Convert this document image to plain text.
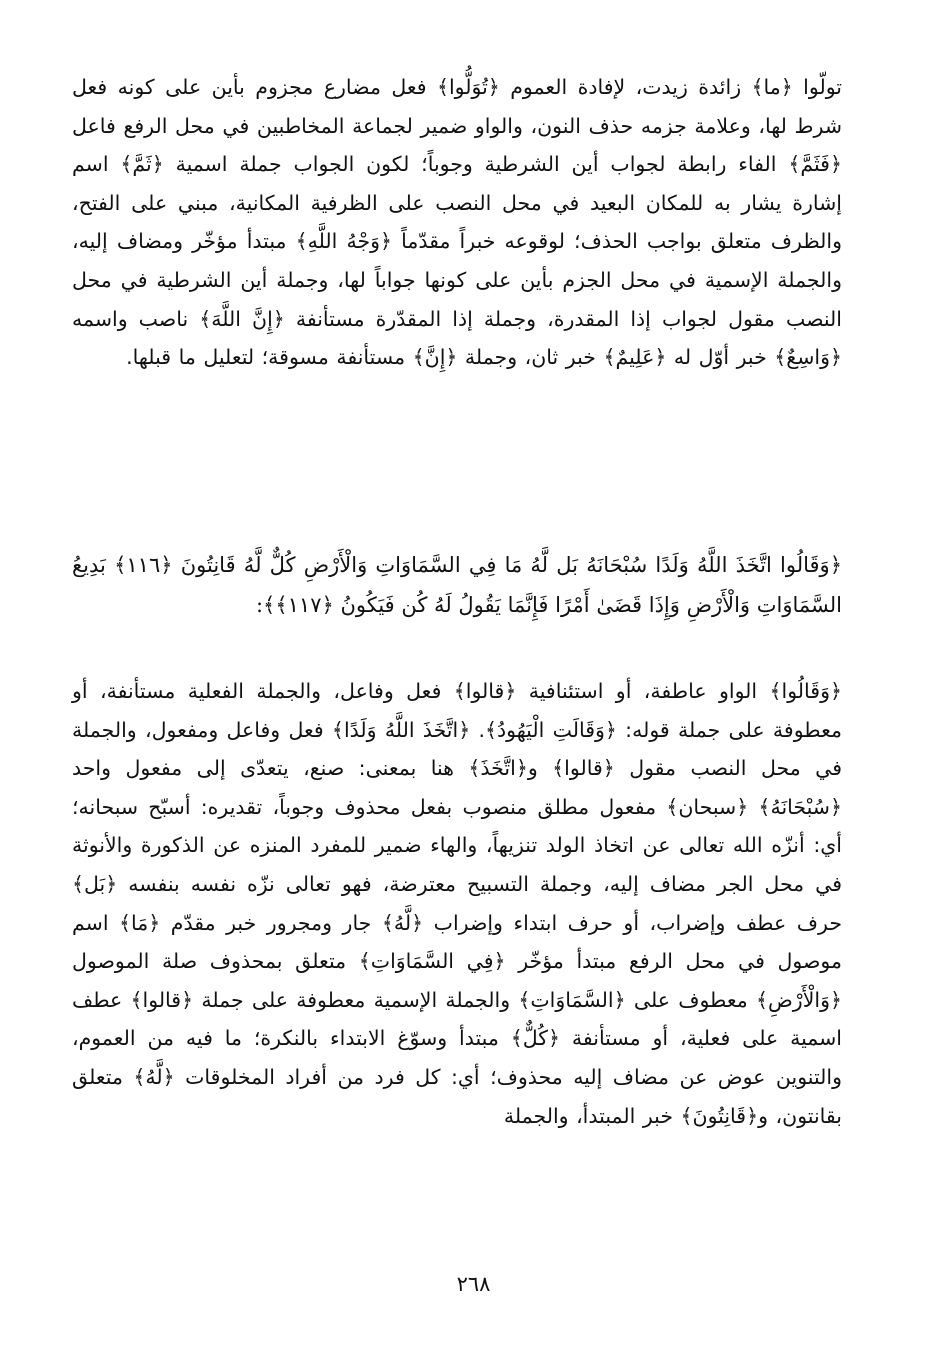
تولّوا ﴿ما﴾ زائدة زيدت، لإفادة العموم ﴿تُوَلُّوا﴾ فعل مضارع مجزوم بأين على كونه فعل شرط لها، وعلامة جزمه حذف النون، والواو ضمير لجماعة المخاطبين في محل الرفع فاعل ﴿فَثَمَّ﴾ الفاء رابطة لجواب أين الشرطية وجوباً؛ لكون الجواب جملة اسمية ﴿ثَمَّ﴾ اسم إشارة يشار به للمكان البعيد في محل النصب على الظرفية المكانية، مبني على الفتح، والظرف متعلق بواجب الحذف؛ لوقوعه خبراً مقدّماً ﴿وَجْهُ اللَّهِ﴾ مبتدأ مؤخّر ومضاف إليه، والجملة الإسمية في محل الجزم بأين على كونها جواباً لها، وجملة أين الشرطية في محل النصب مقول لجواب إذا المقدرة، وجملة إذا المقدّرة مستأنفة ﴿إِنَّ اللَّهَ﴾ ناصب واسمه ﴿وَاسِعٌ﴾ خبر أوّل له ﴿عَلِيمٌ﴾ خبر ثان، وجملة ﴿إِنَّ﴾ مستأنفة مسوقة؛ لتعليل ما قبلها.

﴿وَقَالُوا اتَّخَذَ اللَّهُ وَلَدًا سُبْحَانَهُ بَل لَّهُ مَا فِي السَّمَاوَاتِ وَالْأَرْضِ كُلٌّ لَّهُ قَانِتُونَ ﴿١١٦﴾ بَدِيعُ السَّمَاوَاتِ وَالْأَرْضِ وَإِذَا قَضَىٰ أَمْرًا فَإِنَّمَا يَقُولُ لَهُ كُن فَيَكُونُ ﴿١١٧﴾﴾:

﴿وَقَالُوا﴾ الواو عاطفة، أو استئنافية ﴿قالوا﴾ فعل وفاعل، والجملة الفعلية مستأنفة، أو معطوفة على جملة قوله: ﴿وَقَالَتِ الْيَهُودُ﴾. ﴿اتَّخَذَ اللَّهُ وَلَدًا﴾ فعل وفاعل ومفعول، والجملة في محل النصب مقول ﴿قالوا﴾ و﴿اتَّخَذَ﴾ هنا بمعنى: صنع، يتعدّى إلى مفعول واحد ﴿سُبْحَانَهُ﴾ ﴿سبحان﴾ مفعول مطلق منصوب بفعل محذوف وجوباً، تقديره: أسبّح سبحانه؛ أي: أنزّه الله تعالى عن اتخاذ الولد تنزيهاً، والهاء ضمير للمفرد المنزه عن الذكورة والأنوثة في محل الجر مضاف إليه، وجملة التسبيح معترضة، فهو تعالى نزّه نفسه بنفسه ﴿بَل﴾ حرف عطف وإضراب، أو حرف ابتداء وإضراب ﴿لَّهُ﴾ جار ومجرور خبر مقدّم ﴿مَا﴾ اسم موصول في محل الرفع مبتدأ مؤخّر ﴿فِي السَّمَاوَاتِ﴾ متعلق بمحذوف صلة الموصول ﴿وَالْأَرْضِ﴾ معطوف على ﴿السَّمَاوَاتِ﴾ والجملة الإسمية معطوفة على جملة ﴿قالوا﴾ عطف اسمية على فعلية، أو مستأنفة ﴿كُلٌّ﴾ مبتدأ وسوّغ الابتداء بالنكرة؛ ما فيه من العموم، والتنوين عوض عن مضاف إليه محذوف؛ أي: كل فرد من أفراد المخلوقات ﴿لَّهُ﴾ متعلق بقانتون، و﴿قَانِتُونَ﴾ خبر المبتدأ، والجملة

٢٦٨
